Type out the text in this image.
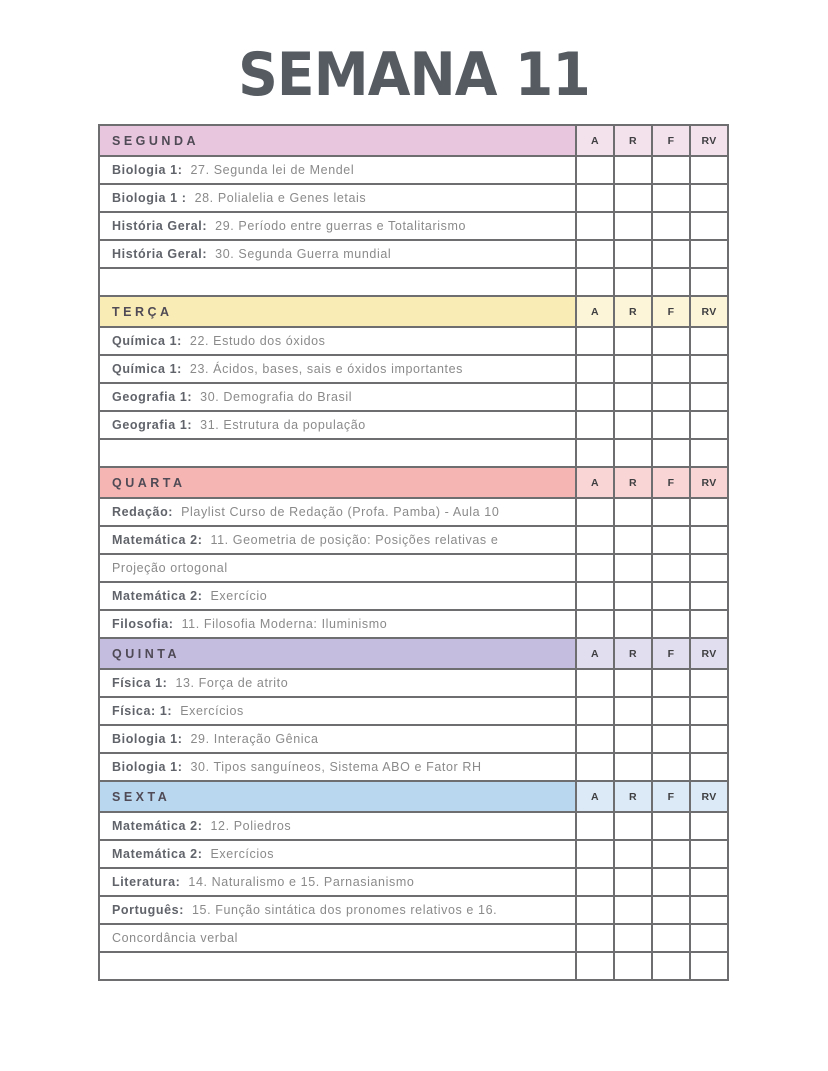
SEMANA 11
SEGUNDA	A	R	F	RV
Biologia 1: 27. Segunda lei de Mendel				
Biologia 1 : 28. Polialelia e Genes letais				
História Geral: 29. Período entre guerras e Totalitarismo				
História Geral: 30. Segunda Guerra mundial				

TERÇA	A	R	F	RV
Química 1: 22. Estudo dos óxidos				
Química 1: 23. Ácidos, bases, sais e óxidos importantes				
Geografia 1: 30. Demografia do Brasil				
Geografia 1: 31. Estrutura da população				

QUARTA	A	R	F	RV
Redação: Playlist Curso de Redação (Profa. Pamba) - Aula 10				
Matemática 2: 11. Geometria de posição: Posições relativas e				
Projeção ortogonal				
Matemática 2: Exercício				
Filosofia: 11. Filosofia Moderna: Iluminismo				
QUINTA	A	R	F	RV
Física 1: 13. Força de atrito				
Física: 1: Exercícios				
Biologia 1: 29. Interação Gênica				
Biologia 1: 30. Tipos sanguíneos, Sistema ABO e Fator RH				
SEXTA	A	R	F	RV
Matemática 2: 12. Poliedros				
Matemática 2: Exercícios				
Literatura: 14. Naturalismo e 15. Parnasianismo				
Português: 15. Função sintática dos pronomes relativos e 16.				
Concordância verbal				
